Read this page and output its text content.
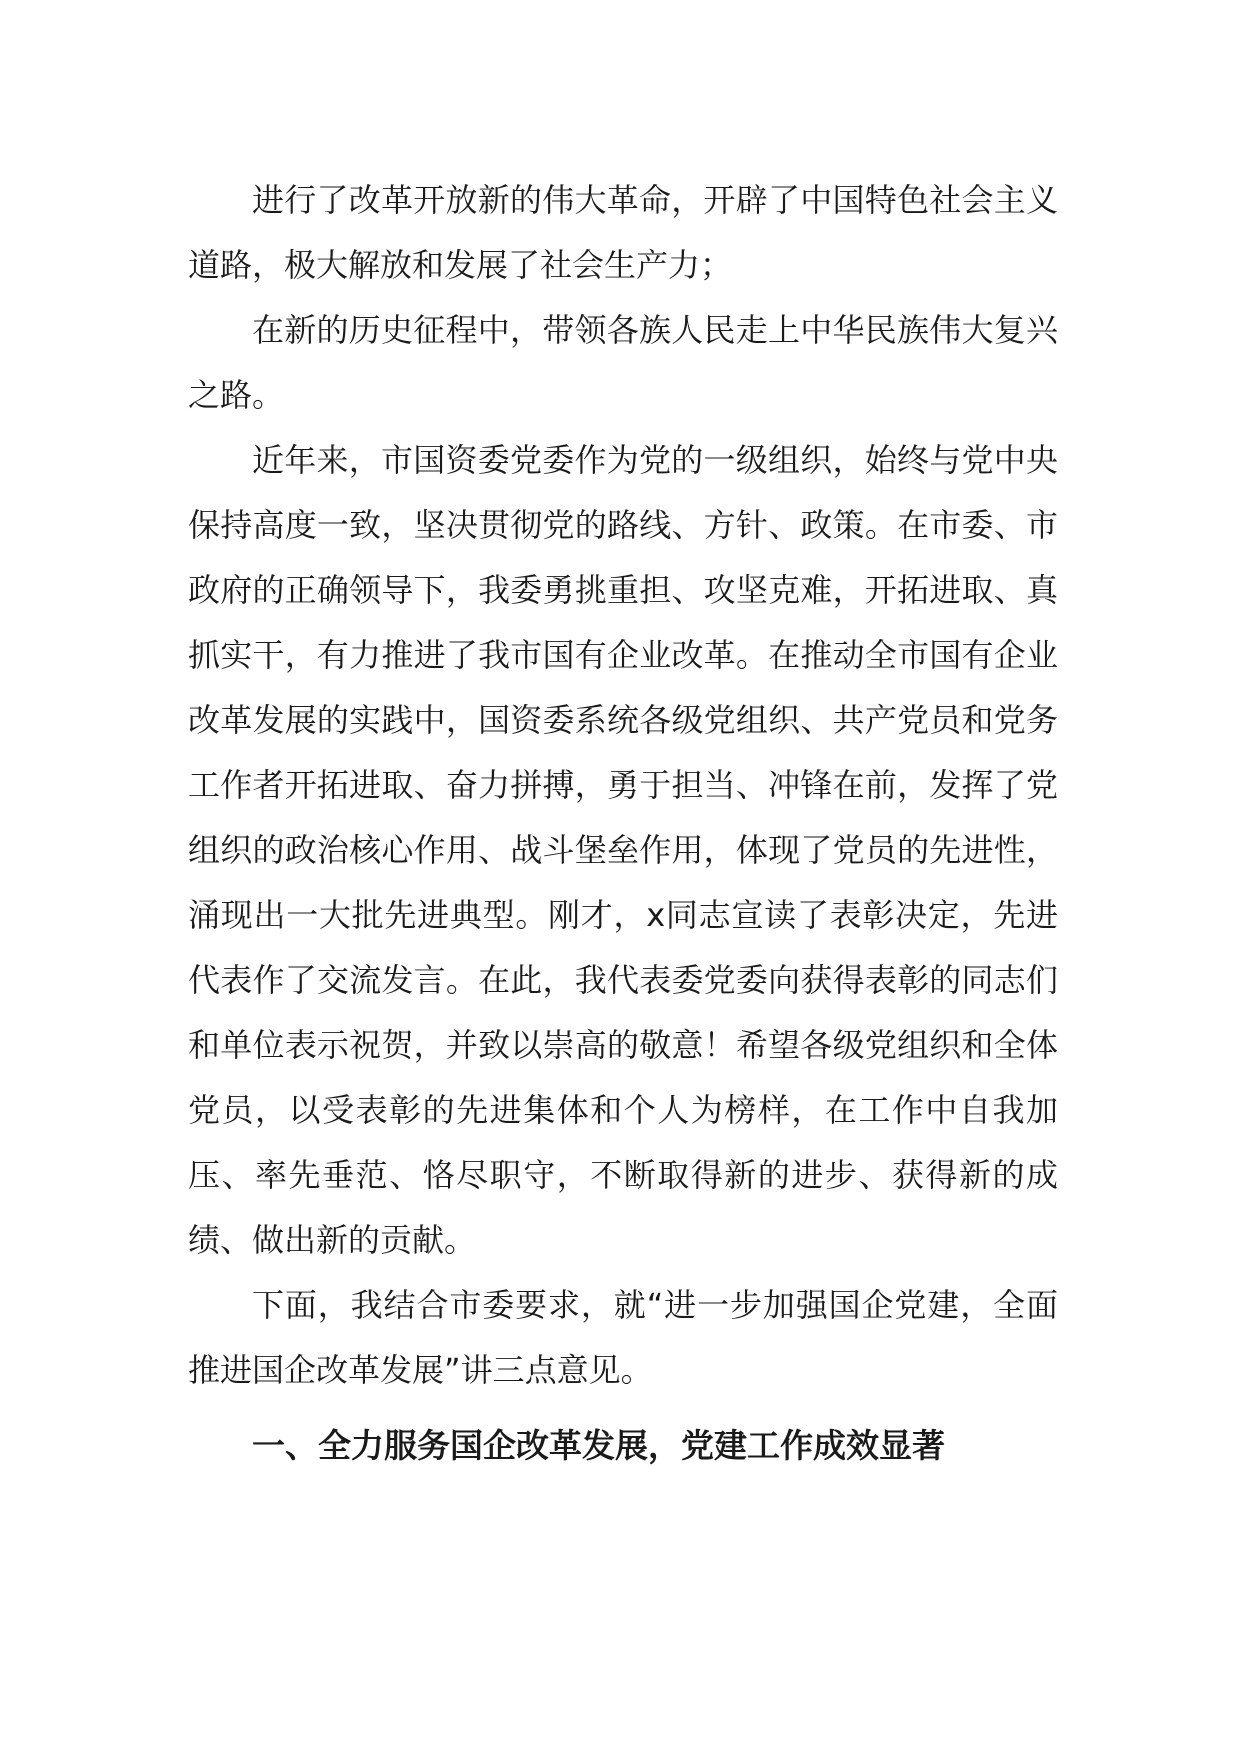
进行了改革开放新的伟大革命，开辟了中国特色社会主义道路，极大解放和发展了社会生产力；

在新的历史征程中，带领各族人民走上中华民族伟大复兴之路。

近年来，市国资委党委作为党的一级组织，始终与党中央保持高度一致，坚决贯彻党的路线、方针、政策。在市委、市政府的正确领导下，我委勇挑重担、攻坚克难，开拓进取、真抓实干，有力推进了我市国有企业改革。在推动全市国有企业改革发展的实践中，国资委系统各级党组织、共产党员和党务工作者开拓进取、奋力拼搏，勇于担当、冲锋在前，发挥了党组织的政治核心作用、战斗堡垒作用，体现了党员的先进性，涌现出一大批先进典型。刚才，x同志宣读了表彰决定，先进代表作了交流发言。在此，我代表委党委向获得表彰的同志们和单位表示祝贺，并致以崇高的敬意！希望各级党组织和全体党员，以受表彰的先进集体和个人为榜样，在工作中自我加压、率先垂范、恪尽职守，不断取得新的进步、获得新的成绩、做出新的贡献。

下面，我结合市委要求，就“进一步加强国企党建，全面推进国企改革发展”讲三点意见。

一、全力服务国企改革发展，党建工作成效显著
